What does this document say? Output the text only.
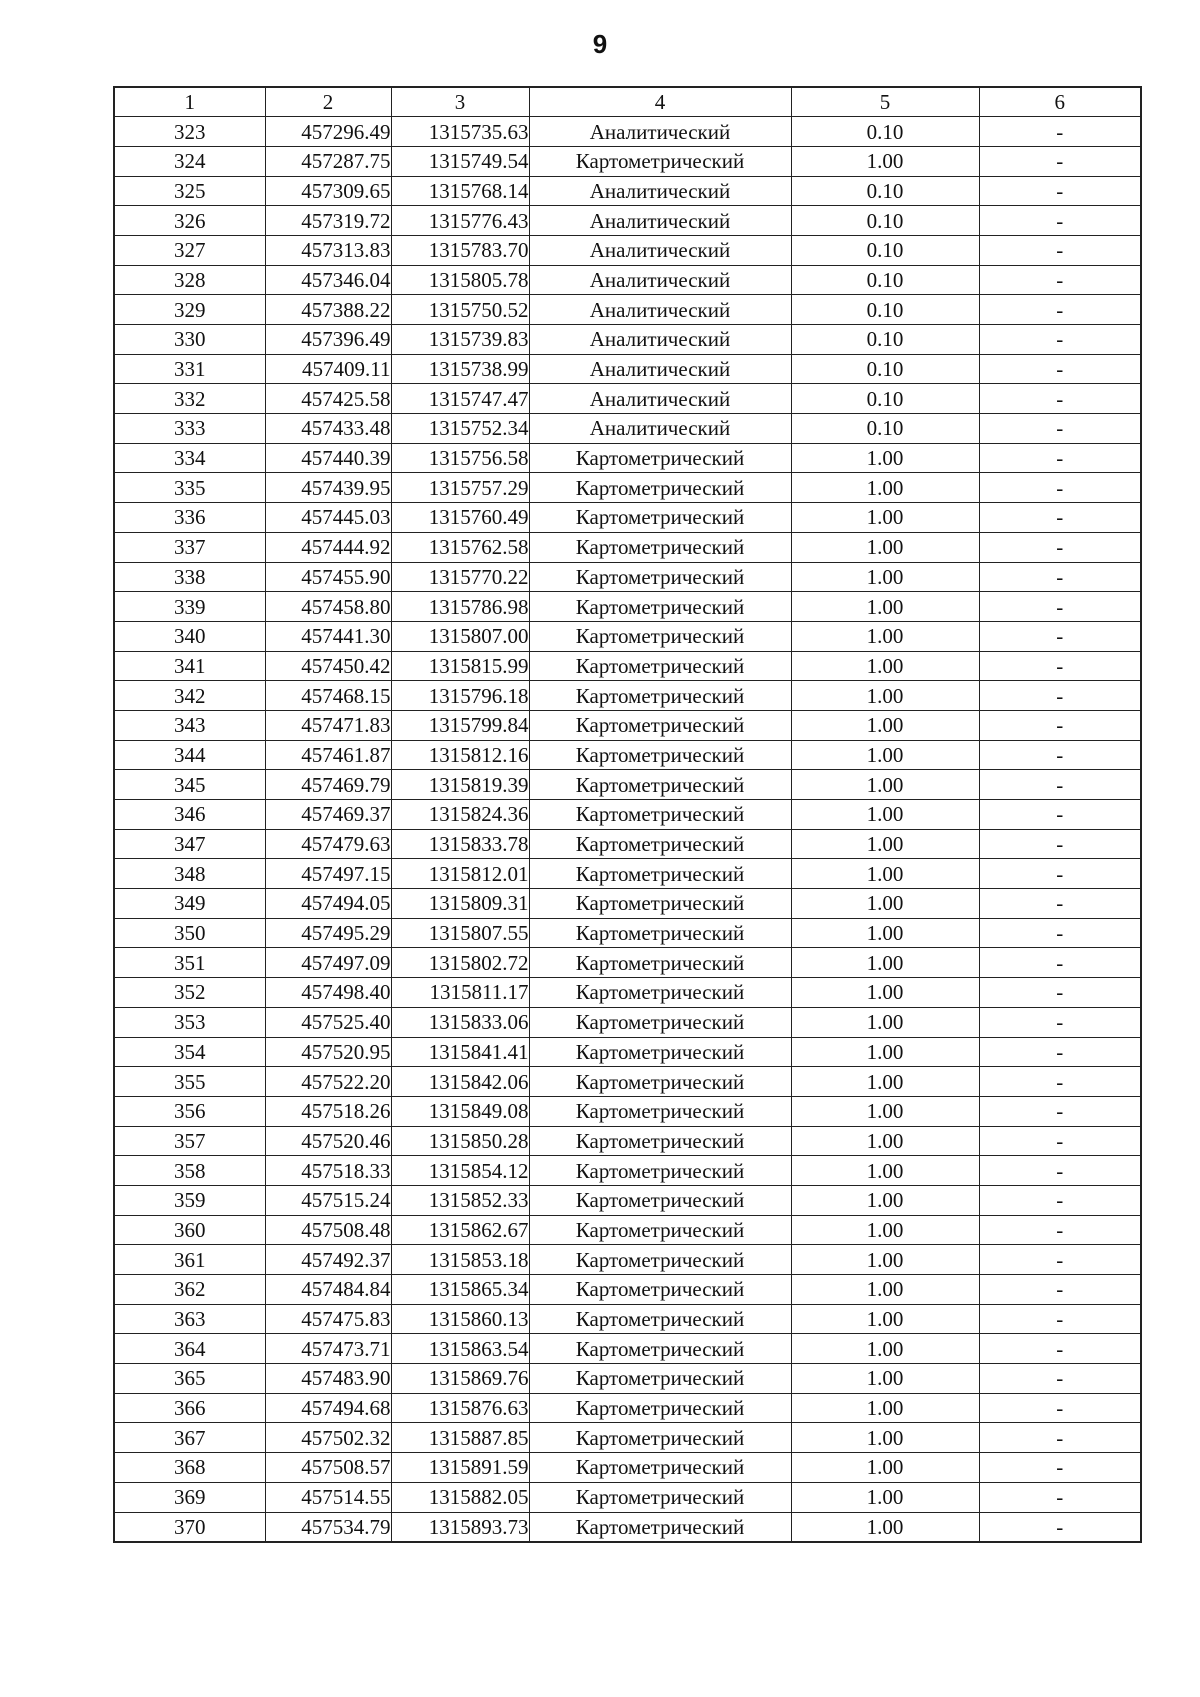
9
1	2	3	4	5	6
323	457296.49	1315735.63	Аналитический	0.10	-
324	457287.75	1315749.54	Картометрический	1.00	-
325	457309.65	1315768.14	Аналитический	0.10	-
326	457319.72	1315776.43	Аналитический	0.10	-
327	457313.83	1315783.70	Аналитический	0.10	-
328	457346.04	1315805.78	Аналитический	0.10	-
329	457388.22	1315750.52	Аналитический	0.10	-
330	457396.49	1315739.83	Аналитический	0.10	-
331	457409.11	1315738.99	Аналитический	0.10	-
332	457425.58	1315747.47	Аналитический	0.10	-
333	457433.48	1315752.34	Аналитический	0.10	-
334	457440.39	1315756.58	Картометрический	1.00	-
335	457439.95	1315757.29	Картометрический	1.00	-
336	457445.03	1315760.49	Картометрический	1.00	-
337	457444.92	1315762.58	Картометрический	1.00	-
338	457455.90	1315770.22	Картометрический	1.00	-
339	457458.80	1315786.98	Картометрический	1.00	-
340	457441.30	1315807.00	Картометрический	1.00	-
341	457450.42	1315815.99	Картометрический	1.00	-
342	457468.15	1315796.18	Картометрический	1.00	-
343	457471.83	1315799.84	Картометрический	1.00	-
344	457461.87	1315812.16	Картометрический	1.00	-
345	457469.79	1315819.39	Картометрический	1.00	-
346	457469.37	1315824.36	Картометрический	1.00	-
347	457479.63	1315833.78	Картометрический	1.00	-
348	457497.15	1315812.01	Картометрический	1.00	-
349	457494.05	1315809.31	Картометрический	1.00	-
350	457495.29	1315807.55	Картометрический	1.00	-
351	457497.09	1315802.72	Картометрический	1.00	-
352	457498.40	1315811.17	Картометрический	1.00	-
353	457525.40	1315833.06	Картометрический	1.00	-
354	457520.95	1315841.41	Картометрический	1.00	-
355	457522.20	1315842.06	Картометрический	1.00	-
356	457518.26	1315849.08	Картометрический	1.00	-
357	457520.46	1315850.28	Картометрический	1.00	-
358	457518.33	1315854.12	Картометрический	1.00	-
359	457515.24	1315852.33	Картометрический	1.00	-
360	457508.48	1315862.67	Картометрический	1.00	-
361	457492.37	1315853.18	Картометрический	1.00	-
362	457484.84	1315865.34	Картометрический	1.00	-
363	457475.83	1315860.13	Картометрический	1.00	-
364	457473.71	1315863.54	Картометрический	1.00	-
365	457483.90	1315869.76	Картометрический	1.00	-
366	457494.68	1315876.63	Картометрический	1.00	-
367	457502.32	1315887.85	Картометрический	1.00	-
368	457508.57	1315891.59	Картометрический	1.00	-
369	457514.55	1315882.05	Картометрический	1.00	-
370	457534.79	1315893.73	Картометрический	1.00	-
